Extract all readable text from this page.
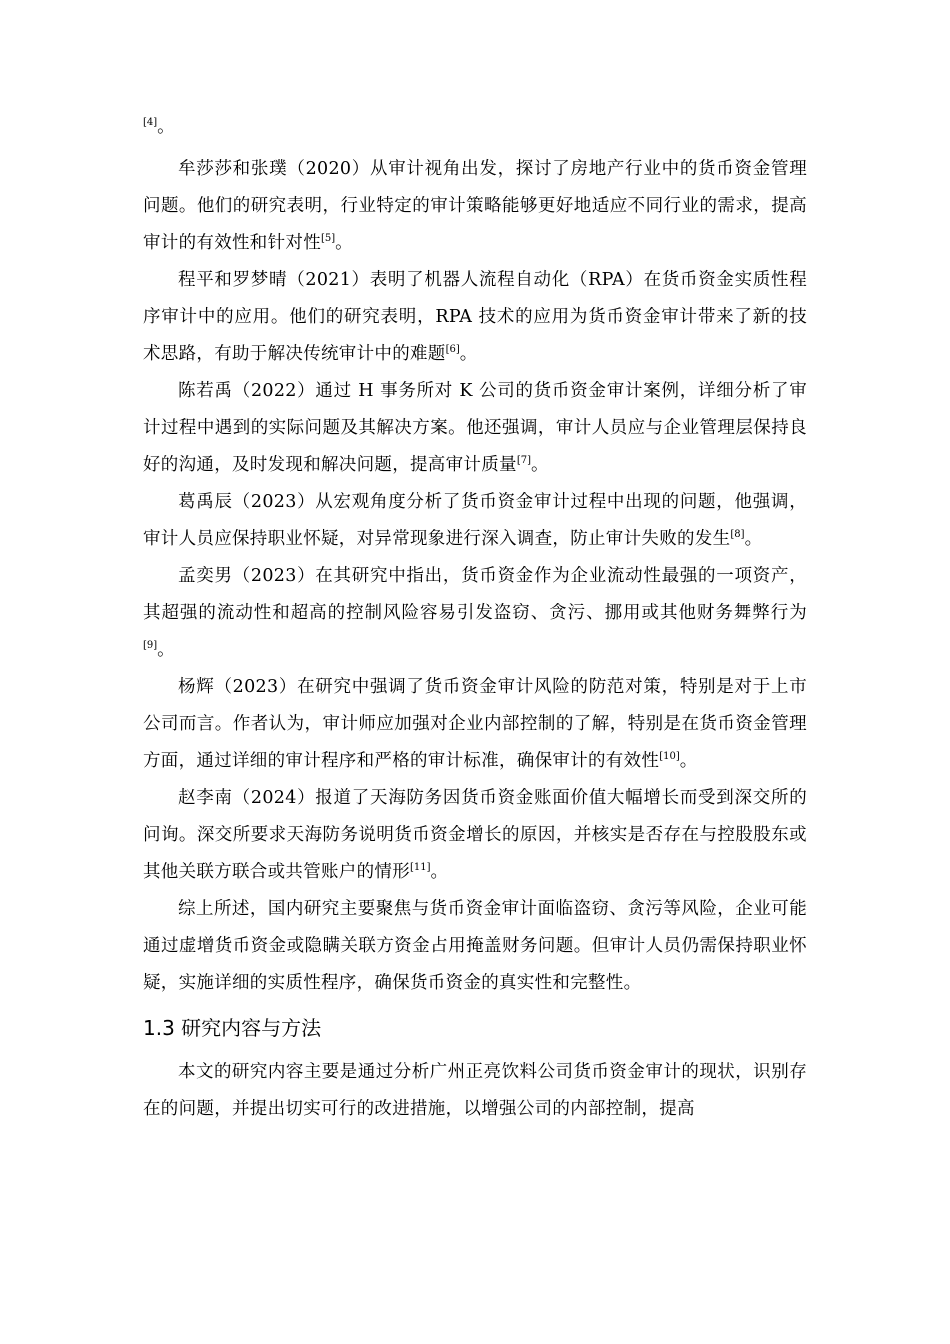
[4]。

牟莎莎和张璞（2020）从审计视角出发，探讨了房地产行业中的货币资金管理问题。他们的研究表明，行业特定的审计策略能够更好地适应不同行业的需求，提高审计的有效性和针对性[5]。

程平和罗梦晴（2021）表明了机器人流程自动化（RPA）在货币资金实质性程序审计中的应用。他们的研究表明，RPA 技术的应用为货币资金审计带来了新的技术思路，有助于解决传统审计中的难题[6]。

陈若禹（2022）通过 H 事务所对 K 公司的货币资金审计案例，详细分析了审计过程中遇到的实际问题及其解决方案。他还强调，审计人员应与企业管理层保持良好的沟通，及时发现和解决问题，提高审计质量[7]。

葛禹辰（2023）从宏观角度分析了货币资金审计过程中出现的问题，他强调，审计人员应保持职业怀疑，对异常现象进行深入调查，防止审计失败的发生[8]。

孟奕男（2023）在其研究中指出，货币资金作为企业流动性最强的一项资产，其超强的流动性和超高的控制风险容易引发盗窃、贪污、挪用或其他财务舞弊行为[9]。

杨辉（2023）在研究中强调了货币资金审计风险的防范对策，特别是对于上市公司而言。作者认为，审计师应加强对企业内部控制的了解，特别是在货币资金管理方面，通过详细的审计程序和严格的审计标准，确保审计的有效性[10]。

赵李南（2024）报道了天海防务因货币资金账面价值大幅增长而受到深交所的问询。深交所要求天海防务说明货币资金增长的原因，并核实是否存在与控股股东或其他关联方联合或共管账户的情形[11]。

综上所述，国内研究主要聚焦与货币资金审计面临盗窃、贪污等风险，企业可能通过虚增货币资金或隐瞒关联方资金占用掩盖财务问题。但审计人员仍需保持职业怀疑，实施详细的实质性程序，确保货币资金的真实性和完整性。

1.3 研究内容与方法

本文的研究内容主要是通过分析广州正亮饮料公司货币资金审计的现状，识别存在的问题，并提出切实可行的改进措施，以增强公司的内部控制，提高
